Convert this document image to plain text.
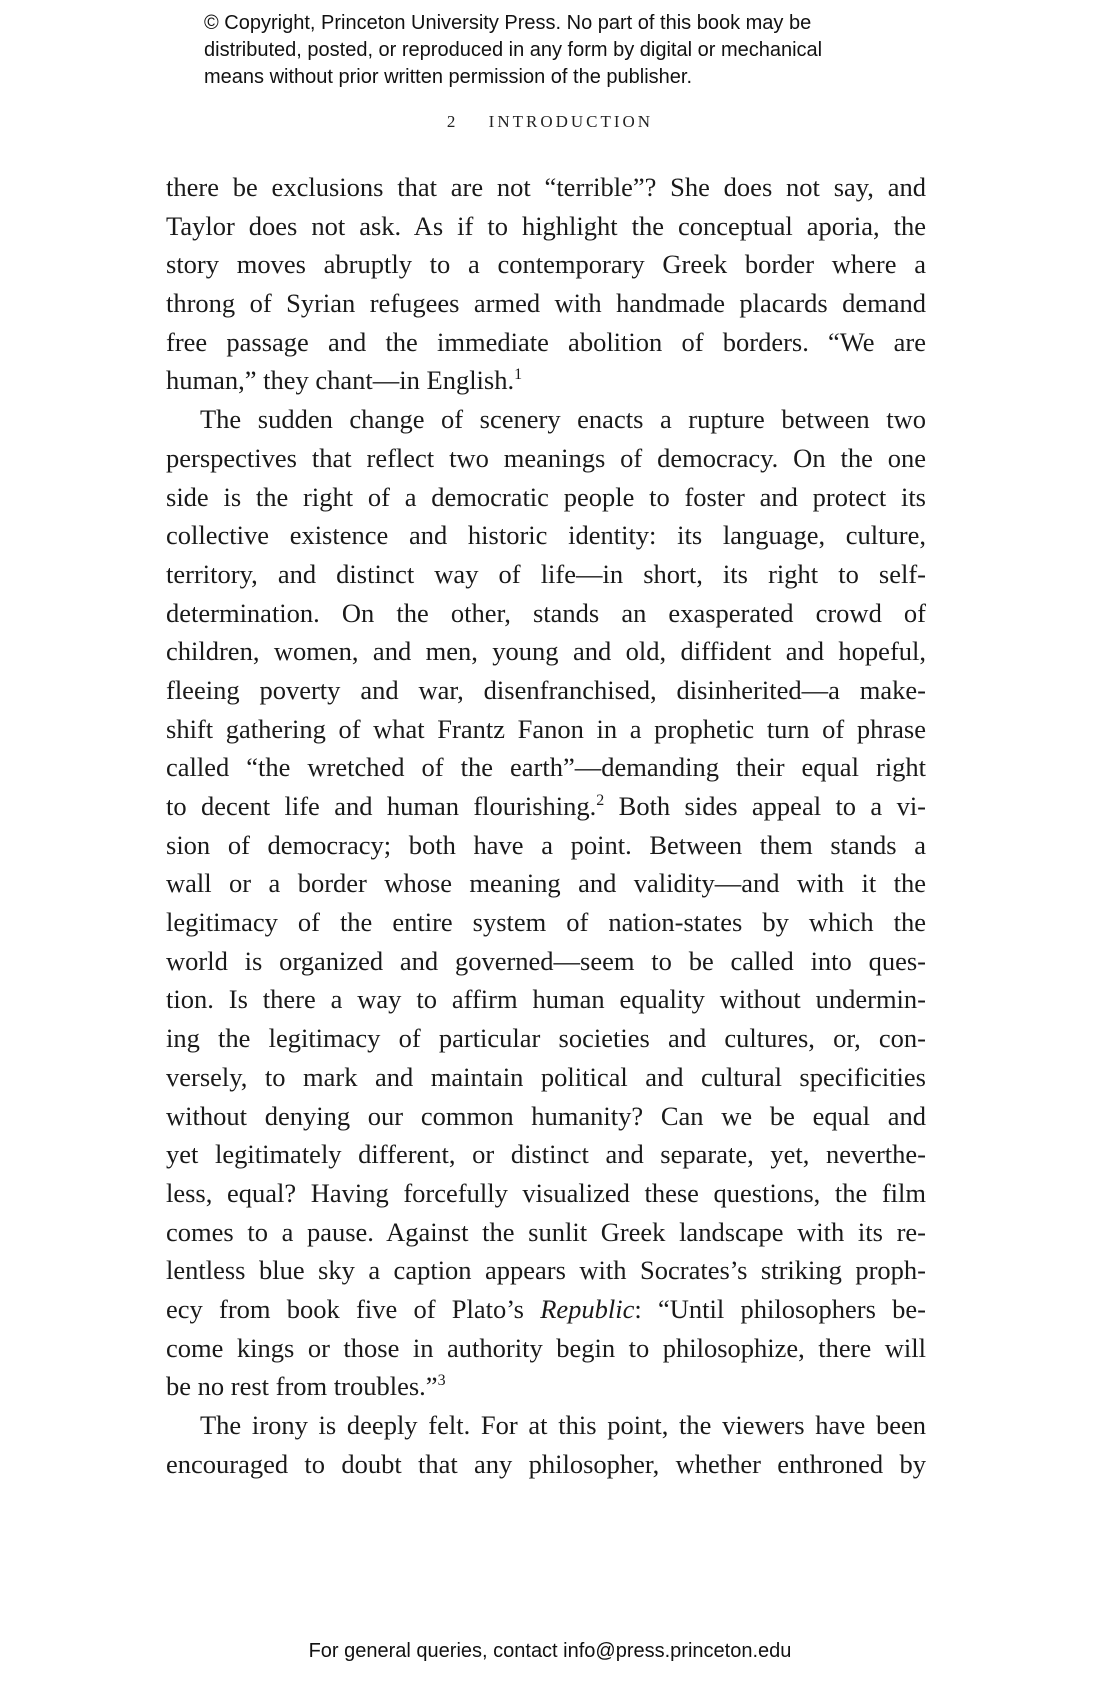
© Copyright, Princeton University Press. No part of this book may be
distributed, posted, or reproduced in any form by digital or mechanical
means without prior written permission of the publisher.
2 INTRODUCTION
there be exclusions that are not “terrible”? She does not say, and
Taylor does not ask. As if to highlight the conceptual aporia, the
story moves abruptly to a contemporary Greek border where a
throng of Syrian refugees armed with handmade placards demand
free passage and the immediate abolition of borders. “We are
human,” they chant—in English.$^1$
The sudden change of scenery enacts a rupture between two
perspectives that reflect two meanings of democracy. On the one
side is the right of a democratic people to foster and protect its
collective existence and historic identity: its language, culture,
territory, and distinct way of life—in short, its right to self-
determination. On the other, stands an exasperated crowd of
children, women, and men, young and old, diffident and hopeful,
fleeing poverty and war, disenfranchised, disinherited—a make-
shift gathering of what Frantz Fanon in a prophetic turn of phrase
called “the wretched of the earth”—demanding their equal right
to decent life and human flourishing.$^2$ Both sides appeal to a vi-
sion of democracy; both have a point. Between them stands a
wall or a border whose meaning and validity—and with it the
legitimacy of the entire system of nation-states by which the
world is organized and governed—seem to be called into ques-
tion. Is there a way to affirm human equality without undermin-
ing the legitimacy of particular societies and cultures, or, con-
versely, to mark and maintain political and cultural specificities
without denying our common humanity? Can we be equal and
yet legitimately different, or distinct and separate, yet, neverthe-
less, equal? Having forcefully visualized these questions, the film
comes to a pause. Against the sunlit Greek landscape with its re-
lentless blue sky a caption appears with Socrates’s striking proph-
ecy from book five of Plato’s Republic: “Until philosophers be-
come kings or those in authority begin to philosophize, there will
be no rest from troubles.”$^3$
The irony is deeply felt. For at this point, the viewers have been
encouraged to doubt that any philosopher, whether enthroned by
For general queries, contact info@press.princeton.edu
